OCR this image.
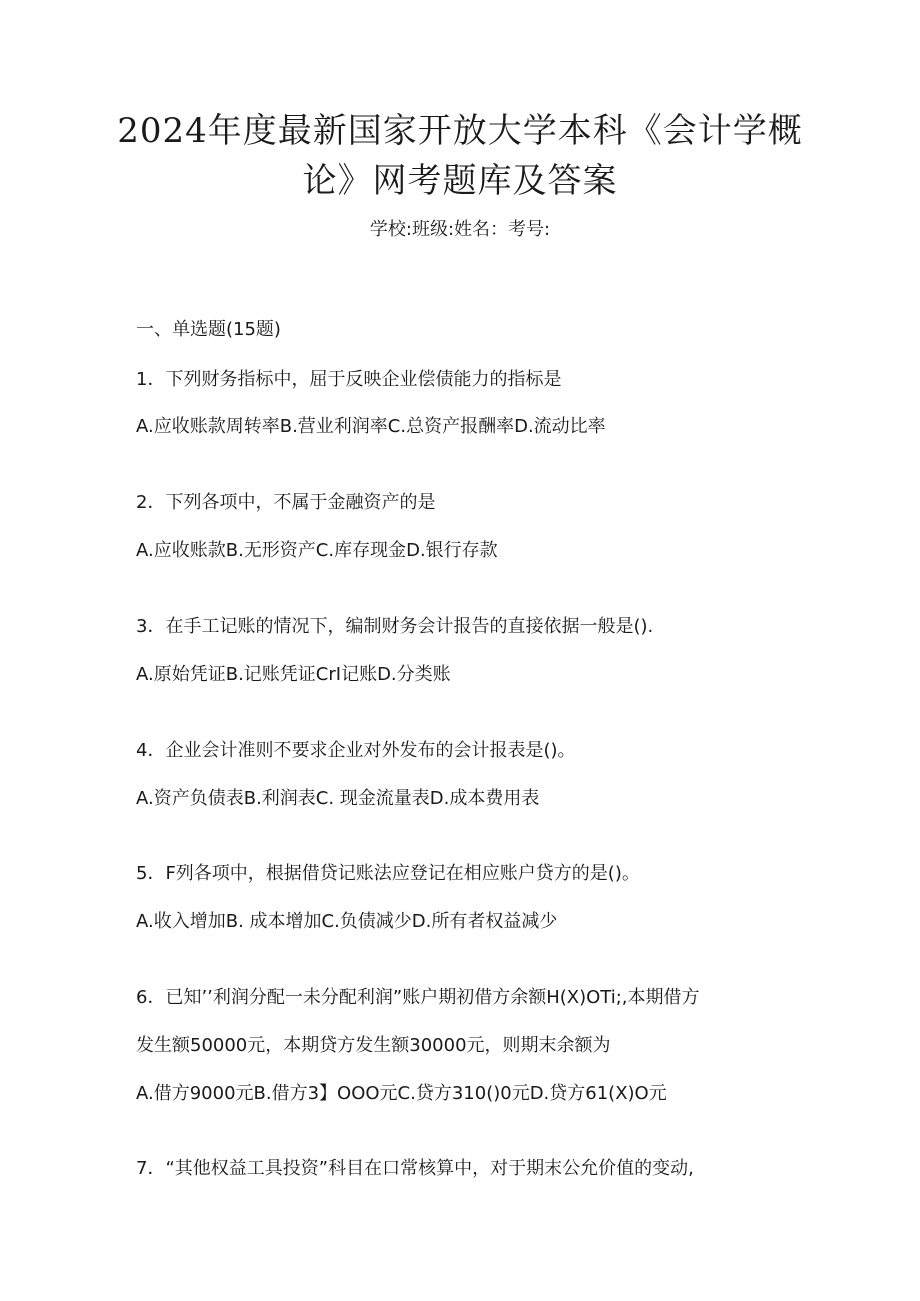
2024年度最新国家开放大学本科《会计学概
论》网考题库及答案
学校:班级:姓名：考号:
一、单选题(15题)
1．下列财务指标中，屈于反映企业偿债能力的指标是
A.应收账款周转率B.营业利润率C.总资产报酬率D.流动比率
2．下列各项中，不属于金融资产的是
A.应收账款B.无形资产C.库存现金D.银行存款
3．在手工记账的情况下，编制财务会计报告的直接依据一般是().
A.原始凭证B.记账凭证CrI记账D.分类账
4．企业会计准则不要求企业对外发布的会计报表是()。
A.资产负债表B.利润表C. 现金流量表D.成本费用表
5．F列各项中，根据借贷记账法应登记在相应账户贷方的是()。
A.收入增加B. 成本增加C.负债减少D.所有者权益减少
6．已知’’利润分配一未分配利润”账户期初借方余额H(X)OTi;,本期借方
发生额50000元，本期贷方发生额30000元，则期末余额为
A.借方9000元B.借方3】OOO元C.贷方310()0元D.贷方61(X)O元
7．“其他权益工具投资”科目在口常核算中，对于期末公允价值的变动,
